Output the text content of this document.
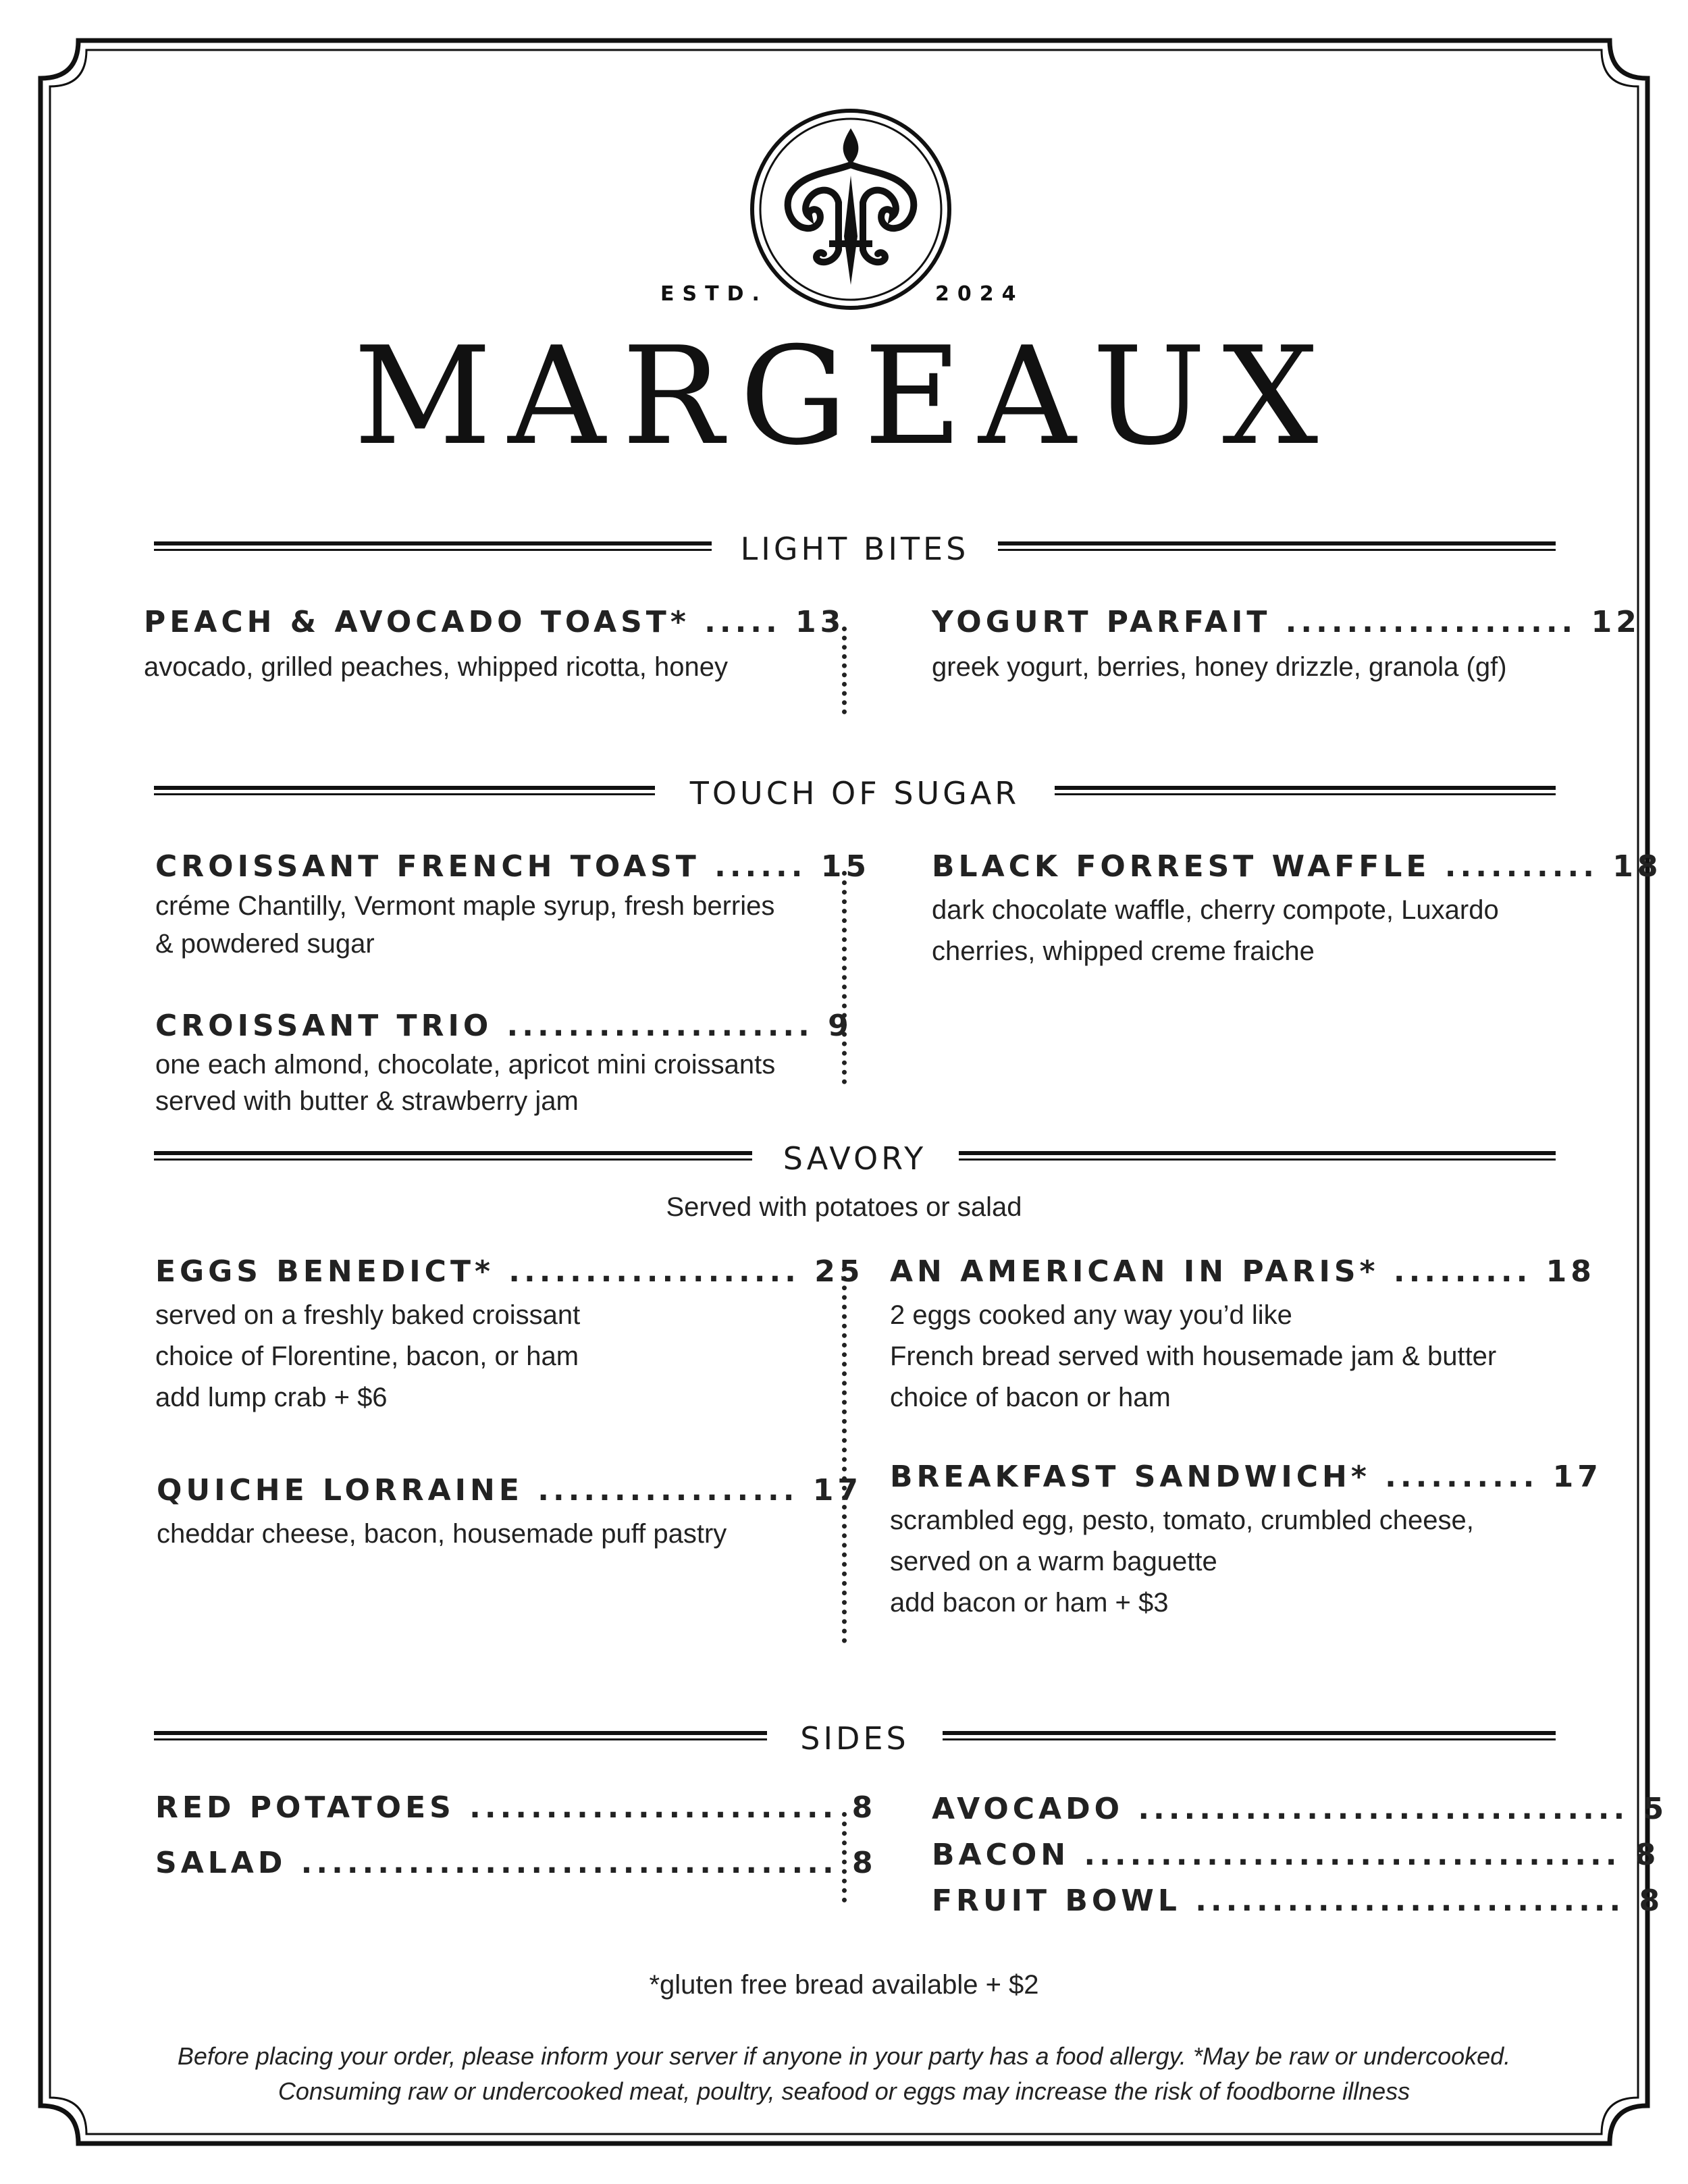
ESTD.	2024
MARGEAUX
LIGHT BITES
PEACH & AVOCADO TOAST* ..... 13
avocado, grilled peaches, whipped ricotta, honey
YOGURT PARFAIT ................... 12
greek yogurt, berries, honey drizzle, granola (gf)
TOUCH OF SUGAR
CROISSANT FRENCH TOAST ...... 15
créme Chantilly, Vermont maple syrup, fresh berries
& powdered sugar
CROISSANT TRIO .................... 9
one each almond, chocolate, apricot mini croissants
served with butter & strawberry jam
BLACK FORREST WAFFLE .......... 18
dark chocolate waffle, cherry compote, Luxardo
cherries, whipped creme fraiche
SAVORY
Served with potatoes or salad
EGGS BENEDICT* ................... 25
served on a freshly baked croissant
choice of Florentine, bacon, or ham
add lump crab + $6
QUICHE LORRAINE ................. 17
cheddar cheese, bacon, housemade puff pastry
AN AMERICAN IN PARIS* ......... 18
2 eggs cooked any way you’d like
French bread served with housemade jam & butter
choice of bacon or ham
BREAKFAST SANDWICH* .......... 17
scrambled egg, pesto, tomato, crumbled cheese,
served on a warm baguette
add bacon or ham + $3
SIDES
RED POTATOES ........................ 8
SALAD ................................... 8
AVOCADO ................................ 5
BACON ................................... 8
FRUIT BOWL ............................ 8
*gluten free bread available + $2
Before placing your order, please inform your server if anyone in your party has a food allergy. *May be raw or undercooked. Consuming raw or undercooked meat, poultry, seafood or eggs may increase the risk of foodborne illness
